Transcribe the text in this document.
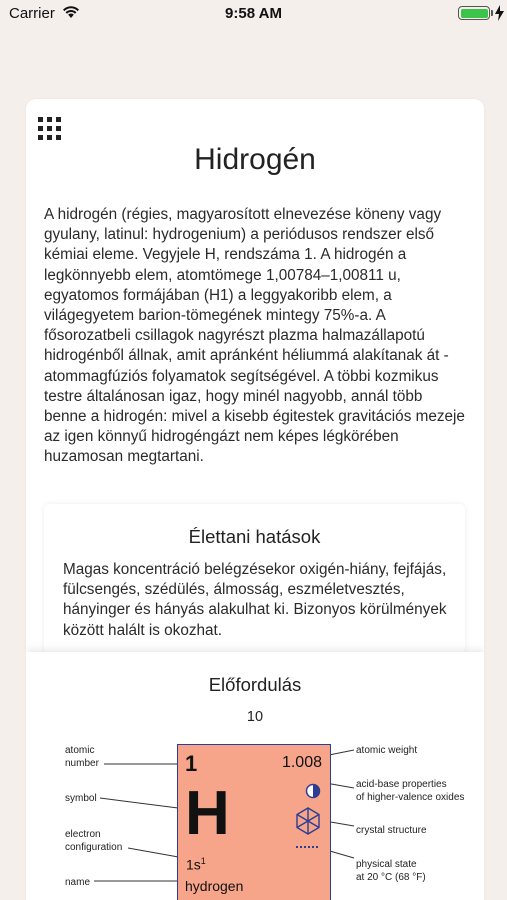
Carrier	9:58 AM
Hidrogén

A hidrogén (régies, magyarosított elnevezése köneny vagy gyulany, latinul: hydrogenium) a periódusos rendszer első kémiai eleme. Vegyjele H, rendszáma 1. A hidrogén a legkönnyebb elem, atomtömege 1,00784–1,00811 u, egyatomos formájában (H1) a leggyakoribb elem, a világegyetem barion-tömegének mintegy 75%-a. A fősorozatbeli csillagok nagyrészt plazma halmazállapotú hidrogénből állnak, amit apránként héliummá alakítanak át - atommagfúziós folyamatok segítségével. A többi kozmikus testre általánosan igaz, hogy minél nagyobb, annál több benne a hidrogén: mivel a kisebb égitestek gravitációs mezeje az igen könnyű hidrogéngázt nem képes légkörében huzamosan megtartani.

Élettani hatások

Magas koncentráció belégzésekor oxigén-hiány, fejfájás, fülcsengés, szédülés, álmosság, eszméletvesztés, hányinger és hányás alakulhat ki. Bizonyos körülmények között halált is okozhat.

Előfordulás
10
atomic
number
symbol
electron
configuration
name
atomic weight
acid-base properties
of higher-valence oxides
crystal structure
physical state
at 20 °C (68 °F)
1	1.008
H
$1s^1$
hydrogen
